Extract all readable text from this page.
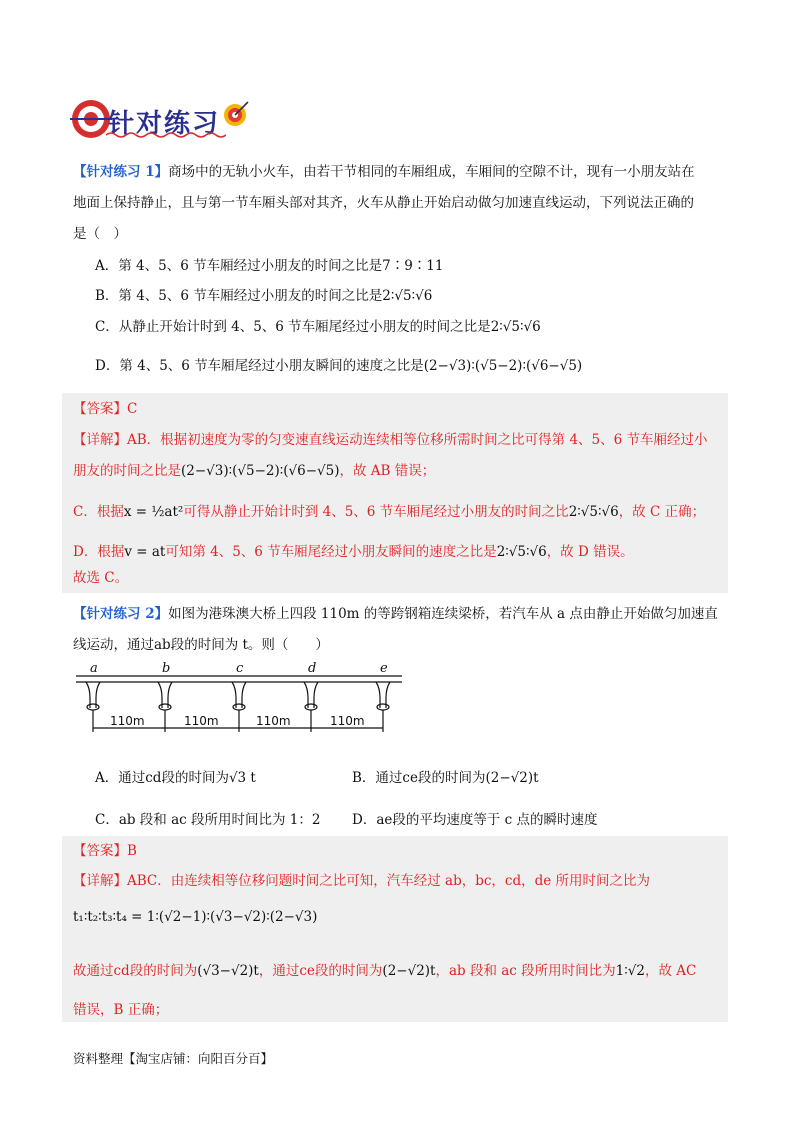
针对练习
【针对练习 1】商场中的无轨小火车，由若干节相同的车厢组成，车厢间的空隙不计，现有一小朋友站在
地面上保持静止，且与第一节车厢头部对其齐，火车从静止开始启动做匀加速直线运动，下列说法正确的
是（　）
A．第 4、5、6 节车厢经过小朋友的时间之比是7∶9∶11
B．第 4、5、6 节车厢经过小朋友的时间之比是2∶√5∶√6
C．从静止开始计时到 4、5、6 节车厢尾经过小朋友的时间之比是2∶√5∶√6
D．第 4、5、6 节车厢尾经过小朋友瞬间的速度之比是(2−√3)∶(√5−2)∶(√6−√5)
【答案】C
【详解】AB．根据初速度为零的匀变速直线运动连续相等位移所需时间之比可得第 4、5、6 节车厢经过小
朋友的时间之比是(2−√3)∶(√5−2)∶(√6−√5)，故 AB 错误；
C．根据x = ½at²可得从静止开始计时到 4、5、6 节车厢尾经过小朋友的时间之比2∶√5∶√6，故 C 正确；
D．根据v = at可知第 4、5、6 节车厢尾经过小朋友瞬间的速度之比是2∶√5∶√6，故 D 错误。
故选 C。
【针对练习 2】如图为港珠澳大桥上四段 110m 的等跨钢箱连续梁桥，若汽车从 a 点由静止开始做匀加速直
线运动，通过ab段的时间为 t。则（　　）
a	b	c	d	e
110m	110m	110m	110m
A．通过cd段的时间为√3 t	B．通过ce段的时间为(2−√2)t
C．ab 段和 ac 段所用时间比为 1：2 D．ae段的平均速度等于 c 点的瞬时速度
【答案】B
【详解】ABC．由连续相等位移问题时间之比可知，汽车经过 ab，bc，cd，de 所用时间之比为
t₁∶t₂∶t₃∶t₄ = 1∶(√2−1)∶(√3−√2)∶(2−√3)
故通过cd段的时间为(√3−√2)t，通过ce段的时间为(2−√2)t，ab 段和 ac 段所用时间比为1∶√2，故 AC
错误，B 正确；
资料整理【淘宝店铺：向阳百分百】
